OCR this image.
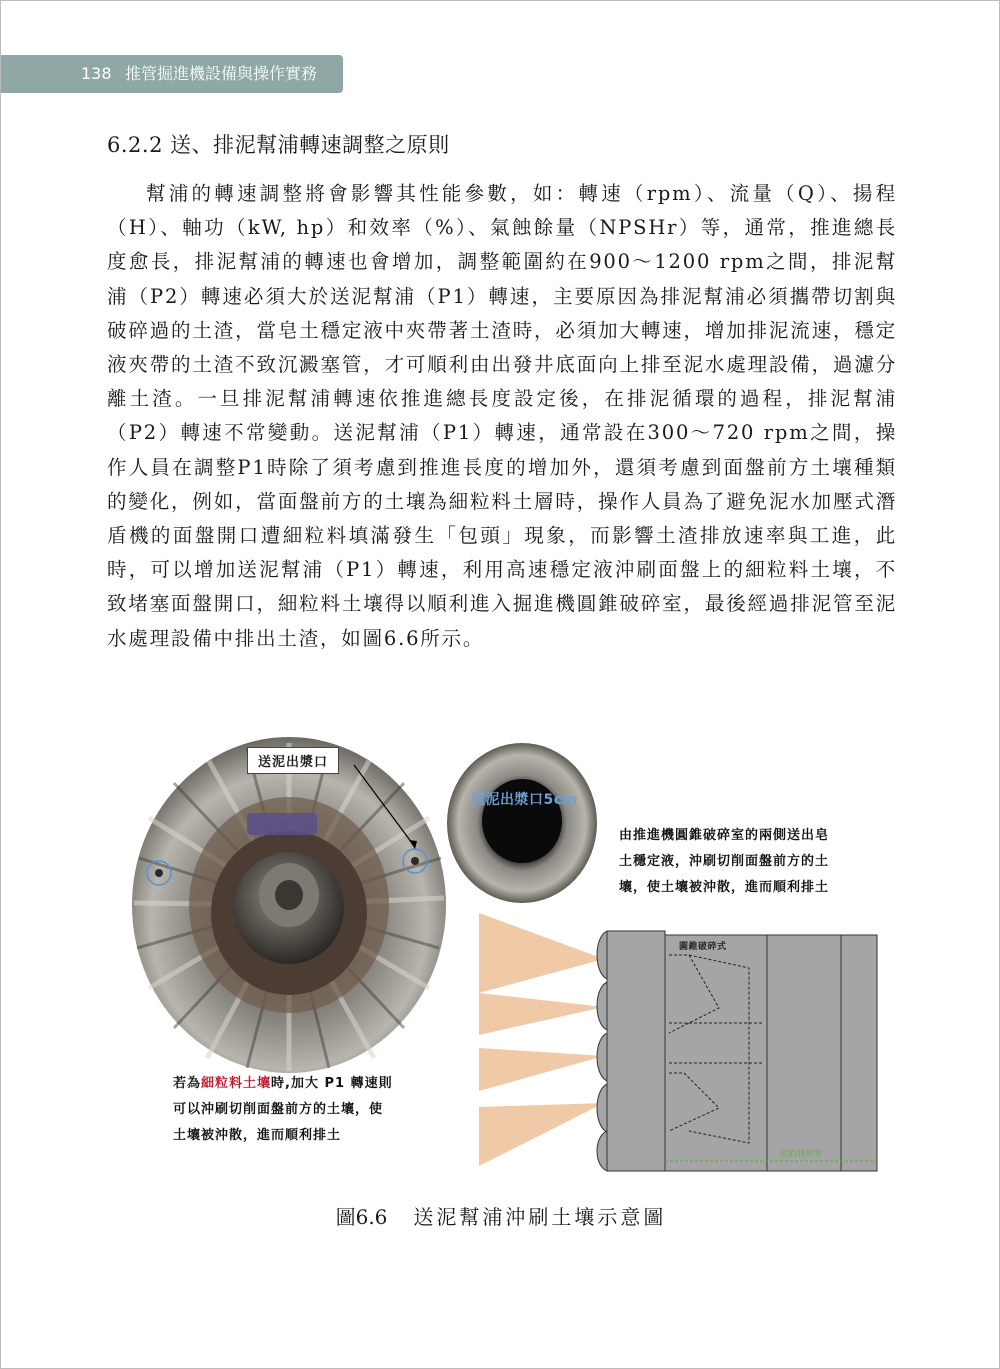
138 推管掘進機設備與操作實務
6.2.2 送、排泥幫浦轉速調整之原則
幫浦的轉速調整將會影響其性能參數，如：轉速（rpm）、流量（Q）、揚程（H）、軸功（kW, hp）和效率（%）、氣蝕餘量（NPSHr）等，通常，推進總長度愈長，排泥幫浦的轉速也會增加，調整範圍約在900～1200 rpm之間，排泥幫浦（P2）轉速必須大於送泥幫浦（P1）轉速，主要原因為排泥幫浦必須攜帶切割與破碎過的土渣，當皂土穩定液中夾帶著土渣時，必須加大轉速，增加排泥流速，穩定液夾帶的土渣不致沉澱塞管，才可順利由出發井底面向上排至泥水處理設備，過濾分離土渣。一旦排泥幫浦轉速依推進總長度設定後，在排泥循環的過程，排泥幫浦（P2）轉速不常變動。送泥幫浦（P1）轉速，通常設在300～720 rpm之間，操作人員在調整P1時除了須考慮到推進長度的增加外，還須考慮到面盤前方土壤種類的變化，例如，當面盤前方的土壤為細粒料土層時，操作人員為了避免泥水加壓式潛盾機的面盤開口遭細粒料填滿發生「包頭」現象，而影響土渣排放速率與工進，此時，可以增加送泥幫浦（P1）轉速，利用高速穩定液沖刷面盤上的細粒料土壤，不致堵塞面盤開口，細粒料土壤得以順利進入掘進機圓錐破碎室，最後經過排泥管至泥水處理設備中排出土渣，如圖6.6所示。
送泥出漿口
送泥出漿口5cm
圓錐破碎式
送泥/排泥管
由推進機圓錐破碎室的兩側送出皂
土穩定液，沖刷切削面盤前方的土
壤，使土壤被沖散，進而順利排土
若為細粒料土壤時,加大 P1 轉速則
可以沖刷切削面盤前方的土壤，使
土壤被沖散，進而順利排土
圖6.6 送泥幫浦沖刷土壤示意圖
